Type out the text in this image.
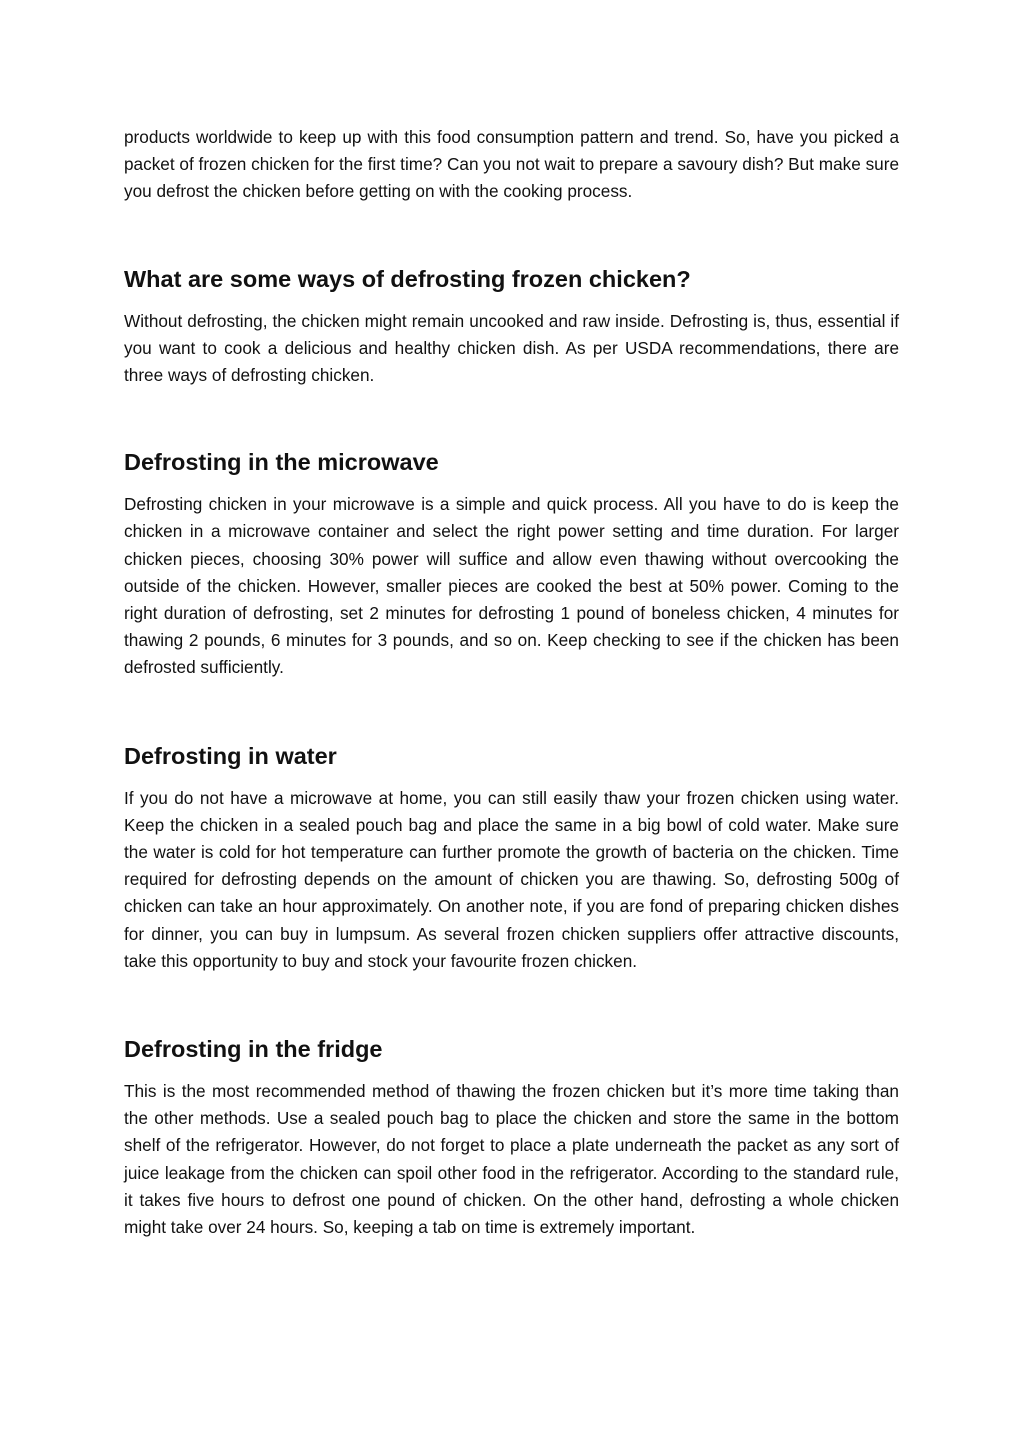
products worldwide to keep up with this food consumption pattern and trend. So, have you picked a packet of frozen chicken for the first time? Can you not wait to prepare a savoury dish? But make sure you defrost the chicken before getting on with the cooking process.

What are some ways of defrosting frozen chicken?

Without defrosting, the chicken might remain uncooked and raw inside. Defrosting is, thus, essential if you want to cook a delicious and healthy chicken dish. As per USDA recommendations, there are three ways of defrosting chicken.

Defrosting in the microwave

Defrosting chicken in your microwave is a simple and quick process. All you have to do is keep the chicken in a microwave container and select the right power setting and time duration. For larger chicken pieces, choosing 30% power will suffice and allow even thawing without overcooking the outside of the chicken. However, smaller pieces are cooked the best at 50% power. Coming to the right duration of defrosting, set 2 minutes for defrosting 1 pound of boneless chicken, 4 minutes for thawing 2 pounds, 6 minutes for 3 pounds, and so on. Keep checking to see if the chicken has been defrosted sufficiently.

Defrosting in water

If you do not have a microwave at home, you can still easily thaw your frozen chicken using water. Keep the chicken in a sealed pouch bag and place the same in a big bowl of cold water. Make sure the water is cold for hot temperature can further promote the growth of bacteria on the chicken. Time required for defrosting depends on the amount of chicken you are thawing. So, defrosting 500g of chicken can take an hour approximately. On another note, if you are fond of preparing chicken dishes for dinner, you can buy in lumpsum. As several frozen chicken suppliers offer attractive discounts, take this opportunity to buy and stock your favourite frozen chicken.

Defrosting in the fridge

This is the most recommended method of thawing the frozen chicken but it’s more time taking than the other methods. Use a sealed pouch bag to place the chicken and store the same in the bottom shelf of the refrigerator. However, do not forget to place a plate underneath the packet as any sort of juice leakage from the chicken can spoil other food in the refrigerator. According to the standard rule, it takes five hours to defrost one pound of chicken. On the other hand, defrosting a whole chicken might take over 24 hours. So, keeping a tab on time is extremely important.
